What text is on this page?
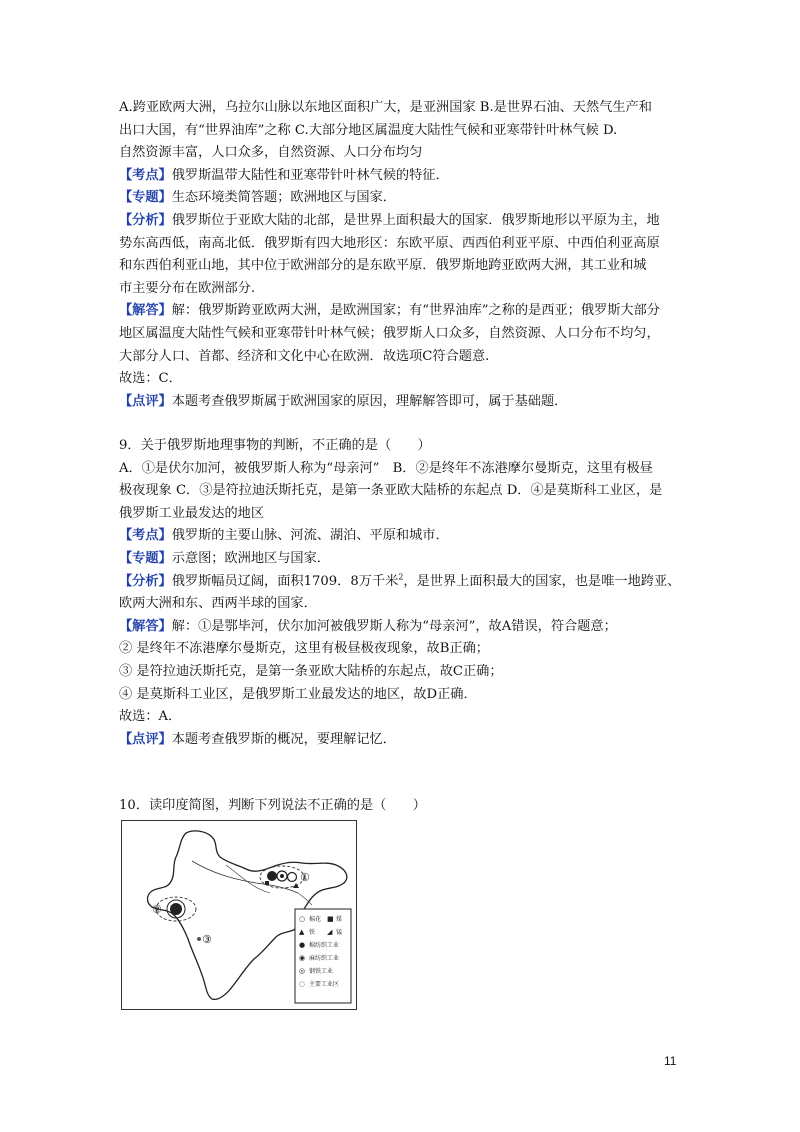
A.跨亚欧两大洲，乌拉尔山脉以东地区面积广大，是亚洲国家 B.是世界石油、天然气生产和
出口大国，有“世界油库”之称 C.大部分地区属温度大陆性气候和亚寒带针叶林气候 D.
自然资源丰富，人口众多，自然资源、人口分布均匀
【考点】俄罗斯温带大陆性和亚寒带针叶林气候的特征．
【专题】生态环境类简答题；欧洲地区与国家．
【分析】俄罗斯位于亚欧大陆的北部，是世界上面积最大的国家．俄罗斯地形以平原为主，地
势东高西低，南高北低．俄罗斯有四大地形区：东欧平原、西西伯利亚平原、中西伯利亚高原
和东西伯利亚山地，其中位于欧洲部分的是东欧平原．俄罗斯地跨亚欧两大洲，其工业和城
市主要分布在欧洲部分.
【解答】解：俄罗斯跨亚欧两大洲，是欧洲国家；有“世界油库”之称的是西亚；俄罗斯大部分
地区属温度大陆性气候和亚寒带针叶林气候；俄罗斯人口众多，自然资源、人口分布不均匀，
大部分人口、首都、经济和文化中心在欧洲．故选项C符合题意.
故选：C．
【点评】本题考查俄罗斯属于欧洲国家的原因，理解解答即可，属于基础题．
9．关于俄罗斯地理事物的判断，不正确的是（　　）
A．①是伏尔加河，被俄罗斯人称为“母亲河”　B．②是终年不冻港摩尔曼斯克，这里有极昼
极夜现象 C．③是符拉迪沃斯托克，是第一条亚欧大陆桥的东起点 D．④是莫斯科工业区，是
俄罗斯工业最发达的地区
【考点】俄罗斯的主要山脉、河流、湖泊、平原和城市．
【专题】示意图；欧洲地区与国家．
【分析】俄罗斯幅员辽阔，面积1709．8万千米$^2$，是世界上面积最大的国家，也是唯一地跨亚、
欧两大洲和东、西两半球的国家．
【解答】解：①是鄂毕河，伏尔加河被俄罗斯人称为“母亲河”，故A错误，符合题意；
② 是终年不冻港摩尔曼斯克，这里有极昼极夜现象，故B正确；
③ 是符拉迪沃斯托克，是第一条亚欧大陆桥的东起点，故C正确；
④ 是莫斯科工业区，是俄罗斯工业最发达的地区，故D正确．
故选：A．
【点评】本题考查俄罗斯的概况，要理解记忆．
10．读印度简图，判断下列说法不正确的是（　　）
①
②
③
○ 棉花 ■ 煤
▲ 铁 ◢ 锰
● 棉纺织工业
◉ 麻纺织工业
◎ 钢铁工业
◌ 主要工业区
11
